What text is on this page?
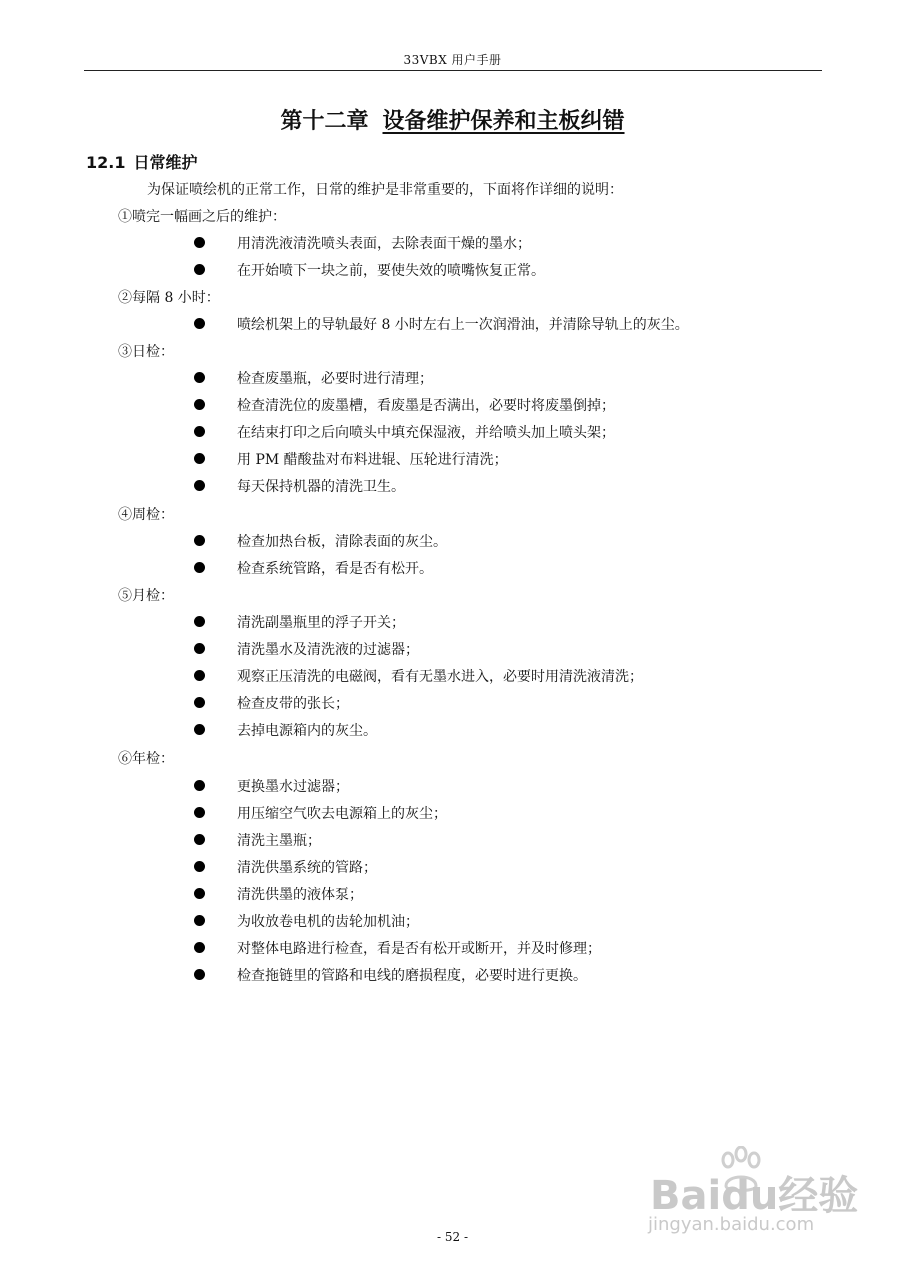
33VBX 用户手册
第十二章 设备维护保养和主板纠错
12.1 日常维护
为保证喷绘机的正常工作，日常的维护是非常重要的，下面将作详细的说明：
①喷完一幅画之后的维护：
用清洗液清洗喷头表面，去除表面干燥的墨水；
在开始喷下一块之前，要使失效的喷嘴恢复正常。
②每隔 8 小时：
喷绘机架上的导轨最好 8 小时左右上一次润滑油，并清除导轨上的灰尘。
③日检：
检查废墨瓶，必要时进行清理；
检查清洗位的废墨槽，看废墨是否满出，必要时将废墨倒掉；
在结束打印之后向喷头中填充保湿液，并给喷头加上喷头架；
用 PM 醋酸盐对布料进辊、压轮进行清洗；
每天保持机器的清洗卫生。
④周检：
检查加热台板，清除表面的灰尘。
检查系统管路，看是否有松开。
⑤月检：
清洗副墨瓶里的浮子开关；
清洗墨水及清洗液的过滤器；
观察正压清洗的电磁阀，看有无墨水进入，必要时用清洗液清洗；
检查皮带的张长；
去掉电源箱内的灰尘。
⑥年检：
更换墨水过滤器；
用压缩空气吹去电源箱上的灰尘；
清洗主墨瓶；
清洗供墨系统的管路；
清洗供墨的液体泵；
为收放卷电机的齿轮加机油；
对整体电路进行检查，看是否有松开或断开，并及时修理；
检查拖链里的管路和电线的磨损程度，必要时进行更换。
Baidu经验
jingyan.baidu.com
- 52 -
